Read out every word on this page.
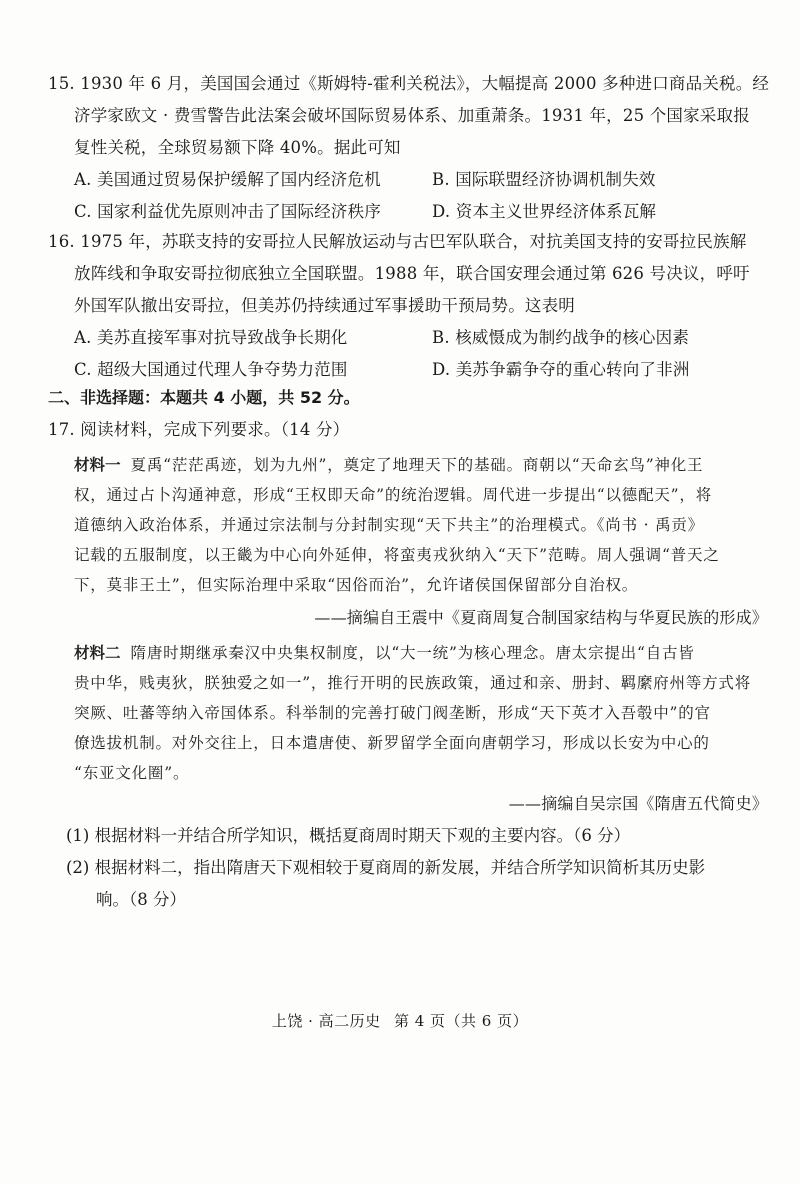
15. 1930 年 6 月，美国国会通过《斯姆特-霍利关税法》，大幅提高 2000 多种进口商品关税。经
济学家欧文 · 费雪警告此法案会破坏国际贸易体系、加重萧条。1931 年，25 个国家采取报
复性关税，全球贸易额下降 40%。据此可知
A. 美国通过贸易保护缓解了国内经济危机	B. 国际联盟经济协调机制失效
C. 国家利益优先原则冲击了国际经济秩序	D. 资本主义世界经济体系瓦解
16. 1975 年，苏联支持的安哥拉人民解放运动与古巴军队联合，对抗美国支持的安哥拉民族解
放阵线和争取安哥拉彻底独立全国联盟。1988 年，联合国安理会通过第 626 号决议，呼吁
外国军队撤出安哥拉，但美苏仍持续通过军事援助干预局势。这表明
A. 美苏直接军事对抗导致战争长期化	B. 核威慑成为制约战争的核心因素
C. 超级大国通过代理人争夺势力范围	D. 美苏争霸争夺的重心转向了非洲
二、非选择题：本题共 4 小题，共 52 分。
17. 阅读材料，完成下列要求。（14 分）
材料一 夏禹“茫茫禹迹，划为九州”，奠定了地理天下的基础。商朝以“天命玄鸟”神化王
权，通过占卜沟通神意，形成“王权即天命”的统治逻辑。周代进一步提出“以德配天”，将
道德纳入政治体系，并通过宗法制与分封制实现“天下共主”的治理模式。《尚书 · 禹贡》
记载的五服制度，以王畿为中心向外延伸，将蛮夷戎狄纳入“天下”范畴。周人强调“普天之
下，莫非王土”，但实际治理中采取“因俗而治”，允许诸侯国保留部分自治权。
——摘编自王震中《夏商周复合制国家结构与华夏民族的形成》
材料二 隋唐时期继承秦汉中央集权制度，以“大一统”为核心理念。唐太宗提出“自古皆
贵中华，贱夷狄，朕独爱之如一”，推行开明的民族政策，通过和亲、册封、羁縻府州等方式将
突厥、吐蕃等纳入帝国体系。科举制的完善打破门阀垄断，形成“天下英才入吾彀中”的官
僚选拔机制。对外交往上，日本遣唐使、新罗留学全面向唐朝学习，形成以长安为中心的
“东亚文化圈”。
——摘编自吴宗国《隋唐五代简史》
(1) 根据材料一并结合所学知识，概括夏商周时期天下观的主要内容。（6 分）
(2) 根据材料二，指出隋唐天下观相较于夏商周的新发展，并结合所学知识简析其历史影
响。（8 分）
上饶 · 高二历史 第 4 页（共 6 页）
